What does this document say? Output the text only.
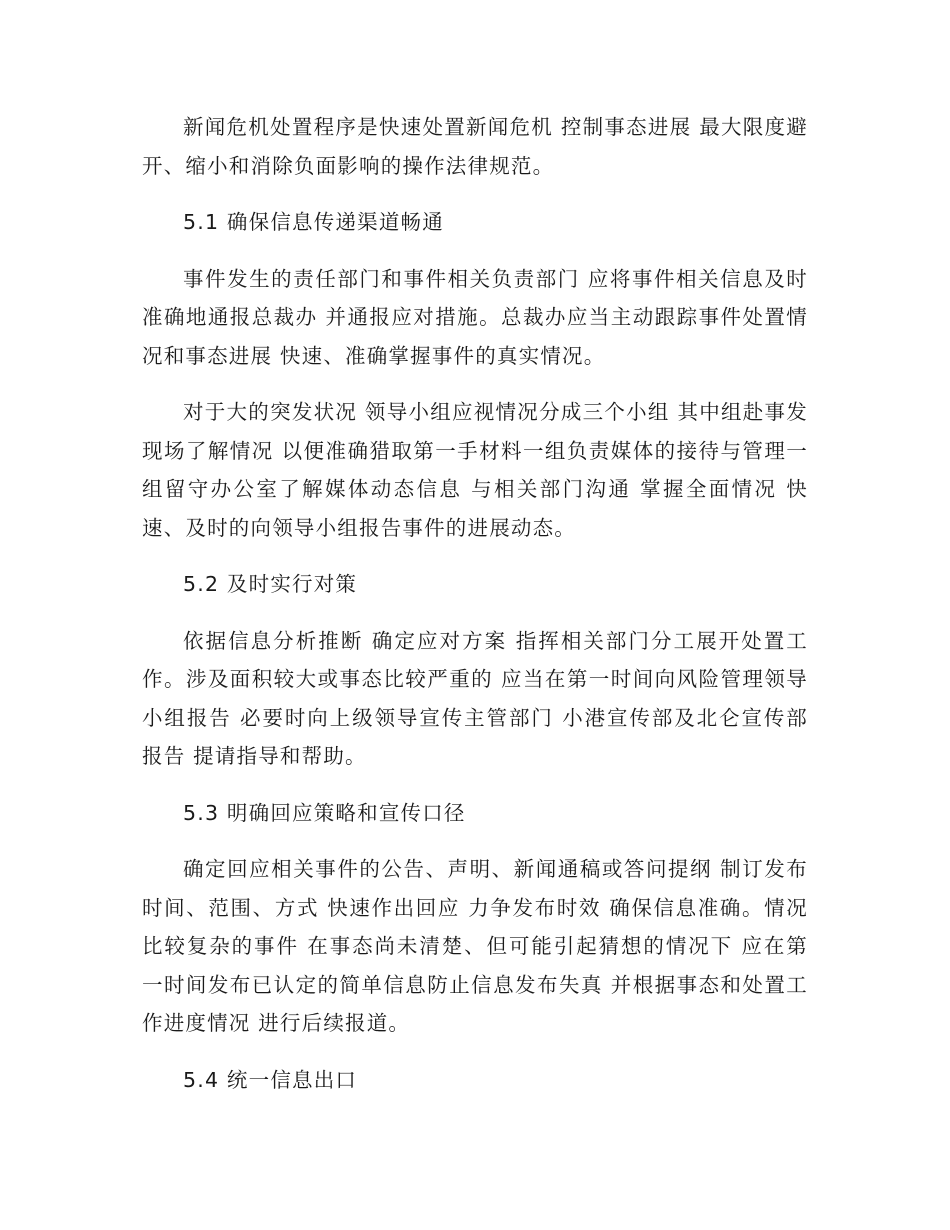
新闻危机处置程序是快速处置新闻危机 控制事态进展 最大限度避开、缩小和消除负面影响的操作法律规范。

5.1 确保信息传递渠道畅通

事件发生的责任部门和事件相关负责部门 应将事件相关信息及时准确地通报总裁办 并通报应对措施。总裁办应当主动跟踪事件处置情况和事态进展 快速、准确掌握事件的真实情况。

对于大的突发状况 领导小组应视情况分成三个小组 其中组赴事发现场了解情况 以便准确猎取第一手材料一组负责媒体的接待与管理一组留守办公室了解媒体动态信息 与相关部门沟通 掌握全面情况 快速、及时的向领导小组报告事件的进展动态。

5.2 及时实行对策

依据信息分析推断 确定应对方案 指挥相关部门分工展开处置工作。涉及面积较大或事态比较严重的 应当在第一时间向风险管理领导小组报告 必要时向上级领导宣传主管部门 小港宣传部及北仑宣传部报告 提请指导和帮助。

5.3 明确回应策略和宣传口径

确定回应相关事件的公告、声明、新闻通稿或答问提纲 制订发布时间、范围、方式 快速作出回应 力争发布时效 确保信息准确。情况比较复杂的事件 在事态尚未清楚、但可能引起猜想的情况下 应在第一时间发布已认定的简单信息防止信息发布失真 并根据事态和处置工作进度情况 进行后续报道。

5.4 统一信息出口
